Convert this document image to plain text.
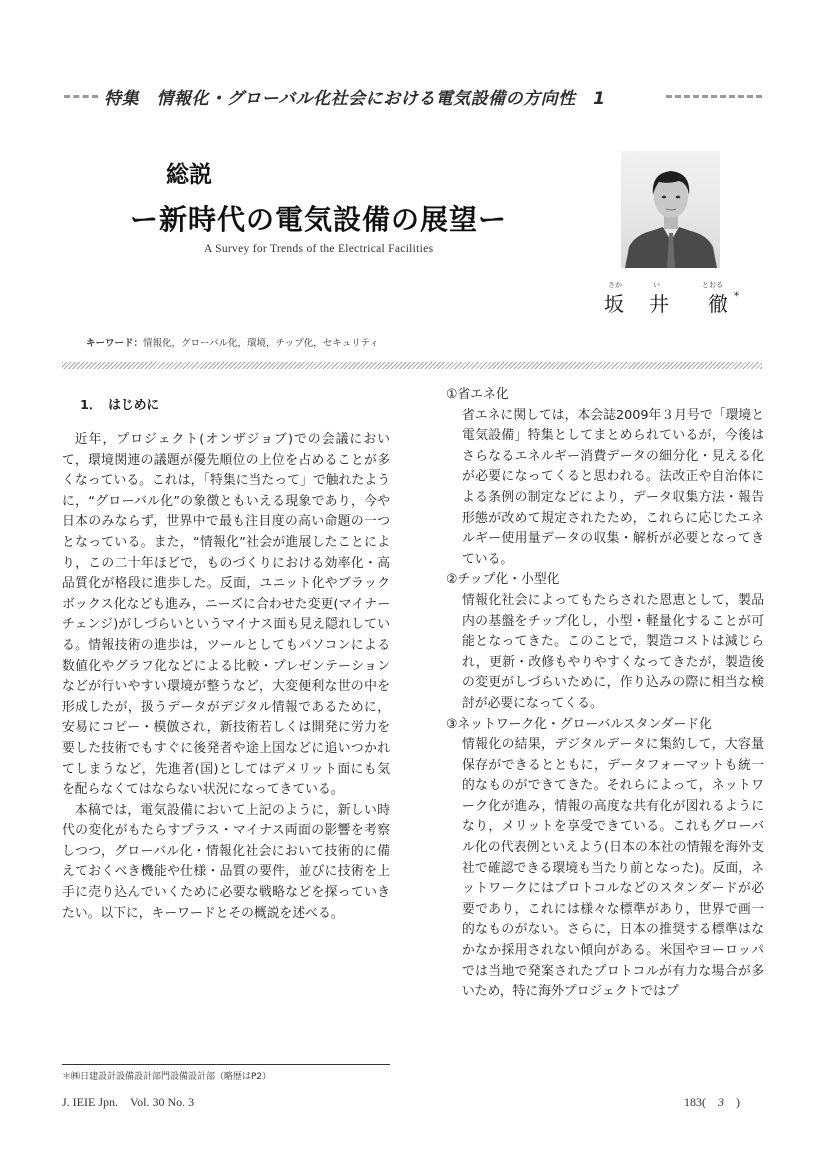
特集　情報化・グローバル化社会における電気設備の方向性　1
総説
ー新時代の電気設備の展望ー
A Survey for Trends of the Electrical Facilities
さか	い	とおる
坂 井 徹 *
キーワード：情報化，グローバル化，環境，チップ化，セキュリティ
1．　はじめに

近年，プロジェクト(オンザジョブ)での会議において，環境関連の議題が優先順位の上位を占めることが多くなっている。これは，「特集に当たって」で触れたように，“グローバル化”の象徴ともいえる現象であり，今や日本のみならず，世界中で最も注目度の高い命題の一つとなっている。また，“情報化”社会が進展したことにより，この二十年ほどで，ものづくりにおける効率化・高品質化が格段に進歩した。反面，ユニット化やブラックボックス化なども進み，ニーズに合わせた変更(マイナーチェンジ)がしづらいというマイナス面も見え隠れしている。情報技術の進歩は，ツールとしてもパソコンによる数値化やグラフ化などによる比較・プレゼンテーションなどが行いやすい環境が整うなど，大変便利な世の中を形成したが，扱うデータがデジタル情報であるために，安易にコピー・模倣され，新技術若しくは開発に労力を要した技術でもすぐに後発者や途上国などに追いつかれてしまうなど，先進者(国)としてはデメリット面にも気を配らなくてはならない状況になってきている。

本稿では，電気設備において上記のように，新しい時代の変化がもたらすプラス・マイナス両面の影響を考察しつつ，グローバル化・情報化社会において技術的に備えておくべき機能や仕様・品質の要件，並びに技術を上手に売り込んでいくために必要な戦略などを探っていきたい。以下に，キーワードとその概説を述べる。

①省エネ化
省エネに関しては，本会誌2009年３月号で「環境と電気設備」特集としてまとめられているが，今後はさらなるエネルギー消費データの細分化・見える化が必要になってくると思われる。法改正や自治体による条例の制定などにより，データ収集方法・報告形態が改めて規定されたため，これらに応じたエネルギー使用量データの収集・解析が必要となってきている。
②チップ化・小型化
情報化社会によってもたらされた恩恵として，製品内の基盤をチップ化し，小型・軽量化することが可能となってきた。このことで，製造コストは減じられ，更新・改修もやりやすくなってきたが，製造後の変更がしづらいために，作り込みの際に相当な検討が必要になってくる。
③ネットワーク化・グローバルスタンダード化
情報化の結果，デジタルデータに集約して，大容量保存ができるとともに，データフォーマットも統一的なものができてきた。それらによって，ネットワーク化が進み，情報の高度な共有化が図れるようになり，メリットを享受できている。これもグローバル化の代表例といえよう(日本の本社の情報を海外支社で確認できる環境も当たり前となった)。反面，ネットワークにはプロトコルなどのスタンダードが必要であり，これには様々な標準があり，世界で画一的なものがない。さらに，日本の推奨する標準はなかなか採用されない傾向がある。米国やヨーロッパでは当地で発案されたプロトコルが有力な場合が多いため，特に海外プロジェクトではプ
＊㈱日建設計設備設計部門設備設計部（略歴はP2）
J. IEIE Jpn.　Vol. 30 No. 3	183(　3　)
